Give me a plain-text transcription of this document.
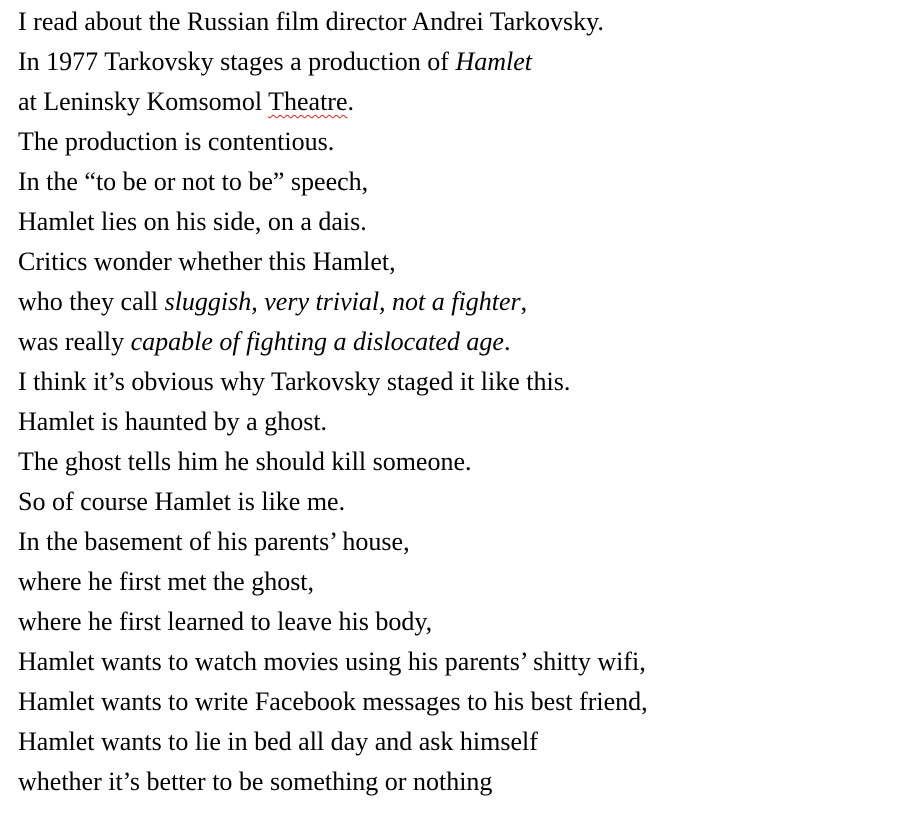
I read about the Russian film director Andrei Tarkovsky.
In 1977 Tarkovsky stages a production of Hamlet
at Leninsky Komsomol Theatre.
The production is contentious.
In the “to be or not to be” speech,
Hamlet lies on his side, on a dais.
Critics wonder whether this Hamlet,
who they call sluggish, very trivial, not a fighter,
was really capable of fighting a dislocated age.
I think it’s obvious why Tarkovsky staged it like this.
Hamlet is haunted by a ghost.
The ghost tells him he should kill someone.
So of course Hamlet is like me.
In the basement of his parents’ house,
where he first met the ghost,
where he first learned to leave his body,
Hamlet wants to watch movies using his parents’ shitty wifi,
Hamlet wants to write Facebook messages to his best friend,
Hamlet wants to lie in bed all day and ask himself
whether it’s better to be something or nothing
